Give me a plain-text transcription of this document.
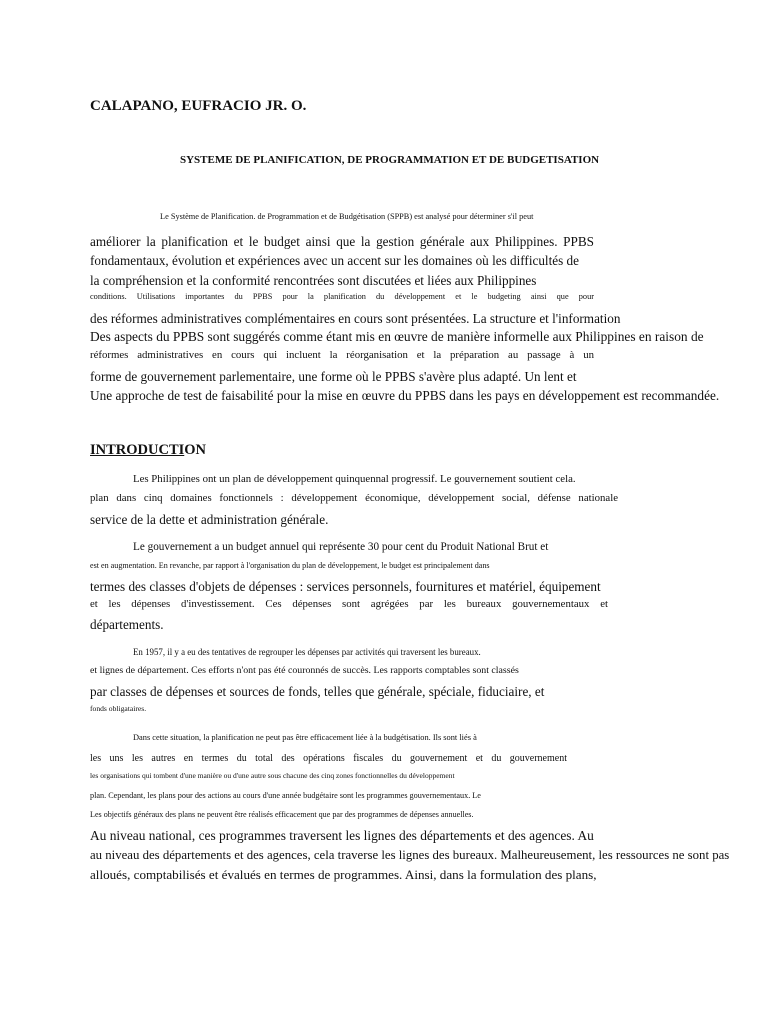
CALAPANO, EUFRACIO JR. O.
SYSTEME DE PLANIFICATION, DE PROGRAMMATION ET DE BUDGETISATION
Le Système de Planification. de Programmation et de Budgétisation (SPPB) est analysé pour déterminer s'il peut
améliorer la planification et le budget ainsi que la gestion générale aux Philippines. PPBS
fondamentaux, évolution et expériences avec un accent sur les domaines où les difficultés de
la compréhension et la conformité rencontrées sont discutées et liées aux Philippines
conditions. Utilisations importantes du PPBS pour la planification du développement et le budgeting ainsi que pour
des réformes administratives complémentaires en cours sont présentées. La structure et l'information
Des aspects du PPBS sont suggérés comme étant mis en œuvre de manière informelle aux Philippines en raison de
réformes administratives en cours qui incluent la réorganisation et la préparation au passage à un
forme de gouvernement parlementaire, une forme où le PPBS s'avère plus adapté. Un lent et
Une approche de test de faisabilité pour la mise en œuvre du PPBS dans les pays en développement est recommandée.
INTRODUCTION
Les Philippines ont un plan de développement quinquennal progressif. Le gouvernement soutient cela.
plan dans cinq domaines fonctionnels : développement économique, développement social, défense nationale
service de la dette et administration générale.
Le gouvernement a un budget annuel qui représente 30 pour cent du Produit National Brut et
est en augmentation. En revanche, par rapport à l'organisation du plan de développement, le budget est principalement dans
termes des classes d'objets de dépenses : services personnels, fournitures et matériel, équipement
et les dépenses d'investissement. Ces dépenses sont agrégées par les bureaux gouvernementaux et
départements.
En 1957, il y a eu des tentatives de regrouper les dépenses par activités qui traversent les bureaux.
et lignes de département. Ces efforts n'ont pas été couronnés de succès. Les rapports comptables sont classés
par classes de dépenses et sources de fonds, telles que générale, spéciale, fiduciaire, et
fonds obligataires.
Dans cette situation, la planification ne peut pas être efficacement liée à la budgétisation. Ils sont liés à
les uns les autres en termes du total des opérations fiscales du gouvernement et du gouvernement
les organisations qui tombent d'une manière ou d'une autre sous chacune des cinq zones fonctionnelles du développement
plan. Cependant, les plans pour des actions au cours d'une année budgétaire sont les programmes gouvernementaux. Le
Les objectifs généraux des plans ne peuvent être réalisés efficacement que par des programmes de dépenses annuelles.
Au niveau national, ces programmes traversent les lignes des départements et des agences. Au
au niveau des départements et des agences, cela traverse les lignes des bureaux. Malheureusement, les ressources ne sont pas
alloués, comptabilisés et évalués en termes de programmes. Ainsi, dans la formulation des plans,
